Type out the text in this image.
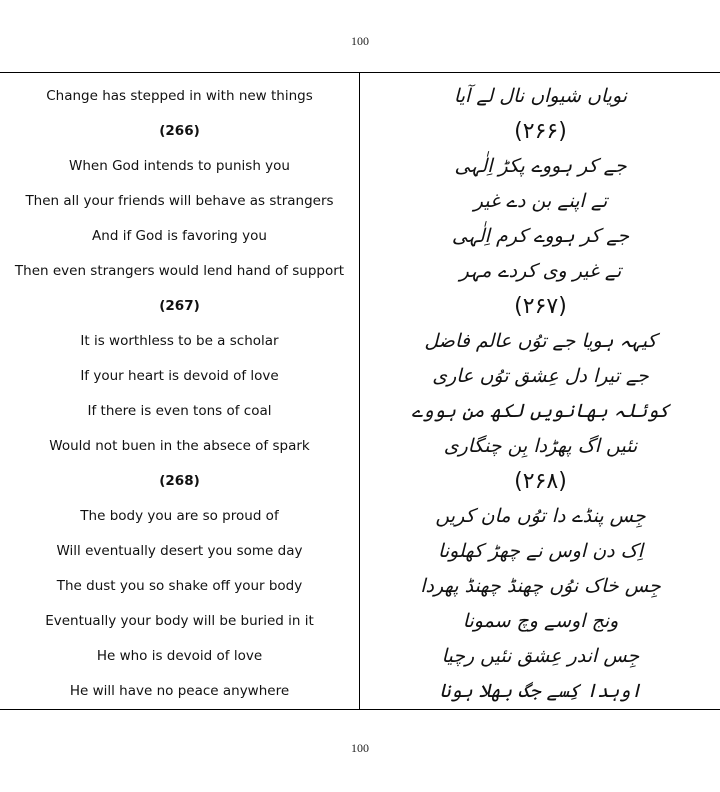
100
Change has stepped in with new things
(266)
When God intends to punish you
Then all your friends will behave as strangers
And if God is favoring you
Then even strangers would lend hand of support
(267)
It is worthless to be a scholar
If your heart is devoid of love
If there is even tons of coal
Would not buen in the absece of spark
(268)
The body you are so proud of
Will eventually desert you some day
The dust you so shake off your body
Eventually your body will be buried in it
He who is devoid of love
He will have no peace anywhere
نویاں شیواں نال لے آیا
(۲۶۶)
جے کر ہووے پکڑ اِلٰہی
تے اپنے بن دے غیر
جے کر ہووے کرم اِلٰہی
تے غیر وی کردے مہر
(۲۶۷)
کیہہ ہویا جے توُں عالم فاضل
جے تیرا دل عِشق توُں عاری
کوئلہ بھانویں لکھ من ہووے
نئیں اگ پھڑدا بِن چنگاری
(۲۶۸)
جِس پنڈے دا توُں مان کریں
اِک دن اوس نے چھڑ کھلونا
جِس خاک نوُں چھنڈ چھنڈ پھردا
ونج اوسے وچ سمونا
جِس اندر عِشق نئیں رچیا
اوہدا کِسے جگ بھلا ہونا
100
